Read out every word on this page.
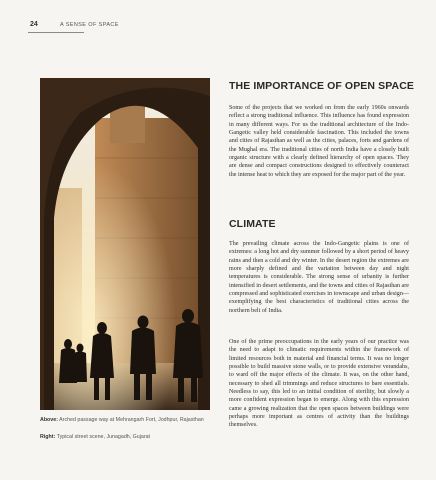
24	A SENSE OF SPACE
Above: Arched passage way at Mehrangarh Fort, Jodhpur, Rajasthan
Right: Typical street scene, Junagadh, Gujarat
THE IMPORTANCE OF OPEN SPACE

Some of the projects that we worked on from the early 1960s onwards reflect a strong traditional influence. This influence has found expression in many different ways. For us the traditional architecture of the Indo-Gangetic valley held considerable fascination. This included the towns and cities of Rajasthan as well as the cities, palaces, forts and gardens of the Mughal era. The traditional cities of north India have a closely built organic structure with a clearly defined hierarchy of open spaces. They are dense and compact constructions designed to effectively counteract the intense heat to which they are exposed for the major part of the year.

CLIMATE

The prevailing climate across the Indo-Gangetic plains is one of extremes: a long hot and dry summer followed by a short period of heavy rains and then a cold and dry winter. In the desert region the extremes are more sharply defined and the variation between day and night temperatures is considerable. The strong sense of urbanity is further intensified in desert settlements, and the towns and cities of Rajasthan are compressed and sophisticated exercises in townscape and urban design—exemplifying the best characteristics of traditional cities across the northern belt of India.

One of the prime preoccupations in the early years of our practice was the need to adapt to climatic requirements within the framework of limited resources both in material and financial terms. It was no longer possible to build massive stone walls, or to provide extensive verandahs, to ward off the major effects of the climate. It was, on the other hand, necessary to shed all trimmings and reduce structures to bare essentials. Needless to say, this led to an initial condition of sterility, but slowly a more confident expression began to emerge. Along with this expression came a growing realization that the open spaces between buildings were perhaps more important as centres of activity than the buildings themselves.
